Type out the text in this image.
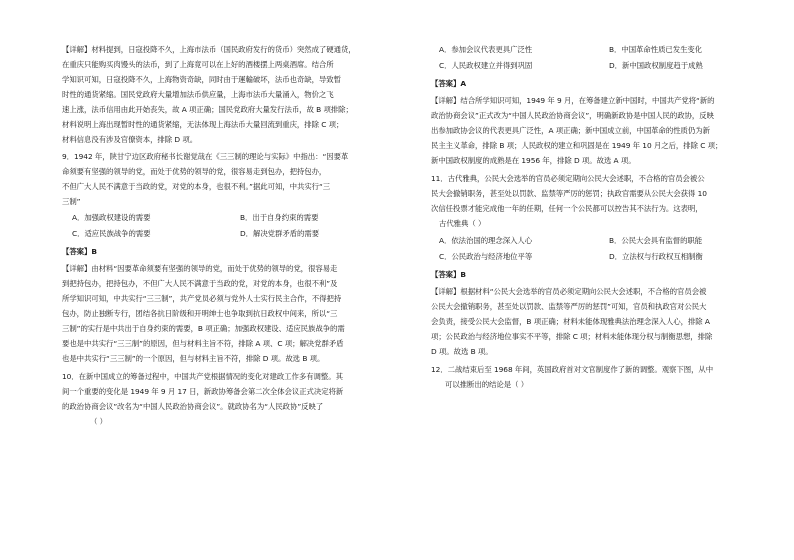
【详解】材料提到，日寇投降不久，上海市法币（国民政府发行的货币）突然成了硬通货，
在重庆只能购买肉馒头的法币，到了上海竟可以在上好的酒楼摆上两桌酒席。结合所
学知识可知，日寇投降不久，上海物资奇缺，同时由于運輸破坏，法币也奇缺，导致暂
时性的通货紧缩。国民党政府大量增加法币供应量，上海市法币大量涌入，物价之飞
速上涨，法币信用由此开始丧失，故 A 项正确；国民党政府大量发行法币，故 B 项排除；
材料说明上海出现暂时性的通货紧缩，无法体现上海法币大量回流到重庆，排除 C 项；
材料信息没有涉及官僚资本，排除 D 项。
9．1942 年，陕甘宁边区政府秘书长谢觉哉在《三三制的理论与实际》中指出：“因要革
命须要有坚强的领导的党，而处于优势的领导的党，很容易走到包办，把持包办，
不但广大人民不满意于当政的党，对党的本身，也很不利。”据此可知，中共实行“三
三制”
A．加强政权建设的需要	B．出于自身约束的需要
C．适应民族战争的需要	D．解决党群矛盾的需要
【答案】B
【详解】由材料“因要革命须要有坚强的领导的党，而处于优势的领导的党，很容易走
到把持包办，把持包办，不但广大人民不满意于当政的党，对党的本身，也很不利”及
所学知识可知，中共实行“三三制”，共产党员必须与党外人士实行民主合作，不得把持
包办，防止独断专行，团结各抗日阶级和开明绅士也争取到抗日政权中间来，所以“三
三制”的实行是中共出于自身约束的需要，B 项正确；加强政权建设、适应民族战争的需
要也是中共实行“三三制”的原因，但与材料主旨不符，排除 A 项、C 项；解决党群矛盾
也是中共实行“三三制”的一个原因，但与材料主旨不符，排除 D 项。故选 B 项。
10．在新中国成立的筹备过程中，中国共产党根据情况的变化对建政工作多有调整。其
间一个重要的变化是 1949 年 9 月 17 日，新政协筹备会第二次全体会议正式决定将新
的政治协商会议”改名为“中国人民政治协商会议”。就政协名为“人民政协”反映了
（ ）
A．参加会议代表更具广泛性	B．中国革命性质已发生变化
C．人民政权建立并得到巩固	D．新中国政权制度趋于成熟
【答案】A
【详解】结合所学知识可知，1949 年 9 月，在筹备建立新中国时，中国共产党将“新的
政治协商会议”正式改为“中国人民政治协商会议”，明确新政协是中国人民的政协，反映
出参加政协会议的代表更具广泛性，A 项正确；新中国成立前，中国革命的性质仍为新
民主主义革命，排除 B 项；人民政权的建立和巩固是在 1949 年 10 月之后，排除 C 项；
新中国政权制度的成熟是在 1956 年，排除 D 项。故选 A 项。
11．古代雅典，公民大会选举的官员必须定期向公民大会述职，不合格的官员会被公
民大会撤销职务，甚至处以罚款、监禁等严厉的惩罚；执政官需要从公民大会获得 10
次信任投票才能完成他一年的任期，任何一个公民都可以控告其不法行为。这表明，
古代雅典（ ）
A．依法治国的理念深入人心	B．公民大会具有监督的职能
C．公民政治与经济地位平等	D．立法权与行政权互相制衡
【答案】B
【详解】根据材料“公民大会选举的官员必须定期向公民大会述职，不合格的官员会被
公民大会撤销职务，甚至处以罚款、监禁等严厉的惩罚”可知，官员和执政官对公民大
会负责，接受公民大会监督，B 项正确；材料未能体现雅典法治理念深入人心，排除 A
项；公民政治与经济地位事实不平等，排除 C 项；材料未能体现分权与制衡思想，排除
D 项。故选 B 项。
12．二战结束后至 1968 年间，英国政府首对文官制度作了新的调整。观察下图，从中
可以推断出的结论是（ ）
